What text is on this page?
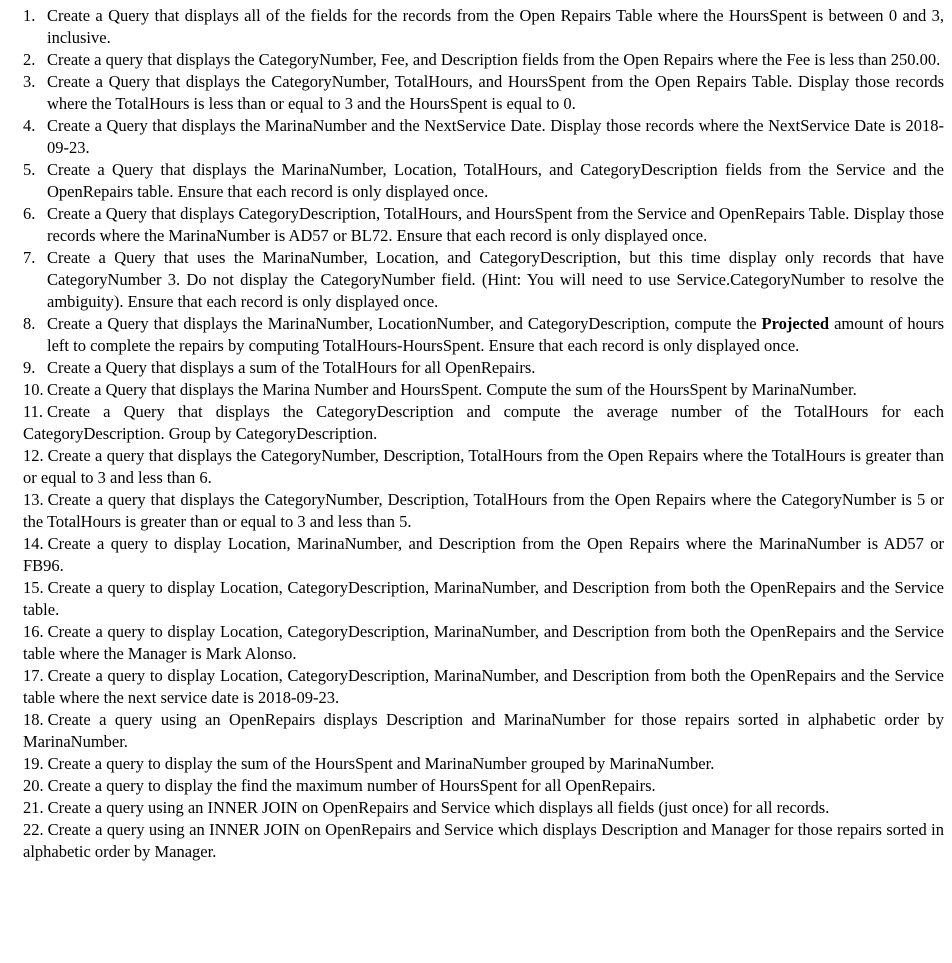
1. Create a Query that displays all of the fields for the records from the Open Repairs Table where the HoursSpent is between 0 and 3, inclusive.
2. Create a query that displays the CategoryNumber, Fee, and Description fields from the Open Repairs where the Fee is less than 250.00.
3. Create a Query that displays the CategoryNumber, TotalHours, and HoursSpent from the Open Repairs Table. Display those records where the TotalHours is less than or equal to 3 and the HoursSpent is equal to 0.
4. Create a Query that displays the MarinaNumber and the NextService Date. Display those records where the NextService Date is 2018-09-23.
5. Create a Query that displays the MarinaNumber, Location, TotalHours, and CategoryDescription fields from the Service and the OpenRepairs table. Ensure that each record is only displayed once.
6. Create a Query that displays CategoryDescription, TotalHours, and HoursSpent from the Service and OpenRepairs Table. Display those records where the MarinaNumber is AD57 or BL72. Ensure that each record is only displayed once.
7. Create a Query that uses the MarinaNumber, Location, and CategoryDescription, but this time display only records that have CategoryNumber 3. Do not display the CategoryNumber field. (Hint: You will need to use Service.CategoryNumber to resolve the ambiguity). Ensure that each record is only displayed once.
8. Create a Query that displays the MarinaNumber, LocationNumber, and CategoryDescription, compute the Projected amount of hours left to complete the repairs by computing TotalHours-HoursSpent. Ensure that each record is only displayed once.
9. Create a Query that displays a sum of the TotalHours for all OpenRepairs.
10. Create a Query that displays the Marina Number and HoursSpent. Compute the sum of the HoursSpent by MarinaNumber.
11. Create a Query that displays the CategoryDescription and compute the average number of the TotalHours for each CategoryDescription. Group by CategoryDescription.
12. Create a query that displays the CategoryNumber, Description, TotalHours from the Open Repairs where the TotalHours is greater than or equal to 3 and less than 6.
13. Create a query that displays the CategoryNumber, Description, TotalHours from the Open Repairs where the CategoryNumber is 5 or the TotalHours is greater than or equal to 3 and less than 5.
14. Create a query to display Location, MarinaNumber, and Description from the Open Repairs where the MarinaNumber is AD57 or FB96.
15. Create a query to display Location, CategoryDescription, MarinaNumber, and Description from both the OpenRepairs and the Service table.
16. Create a query to display Location, CategoryDescription, MarinaNumber, and Description from both the OpenRepairs and the Service table where the Manager is Mark Alonso.
17. Create a query to display Location, CategoryDescription, MarinaNumber, and Description from both the OpenRepairs and the Service table where the next service date is 2018-09-23.
18. Create a query using an OpenRepairs displays Description and MarinaNumber for those repairs sorted in alphabetic order by MarinaNumber.
19. Create a query to display the sum of the HoursSpent and MarinaNumber grouped by MarinaNumber.
20. Create a query to display the find the maximum number of HoursSpent for all OpenRepairs.
21. Create a query using an INNER JOIN on OpenRepairs and Service which displays all fields (just once) for all records.
22. Create a query using an INNER JOIN on OpenRepairs and Service which displays Description and Manager for those repairs sorted in alphabetic order by Manager.
